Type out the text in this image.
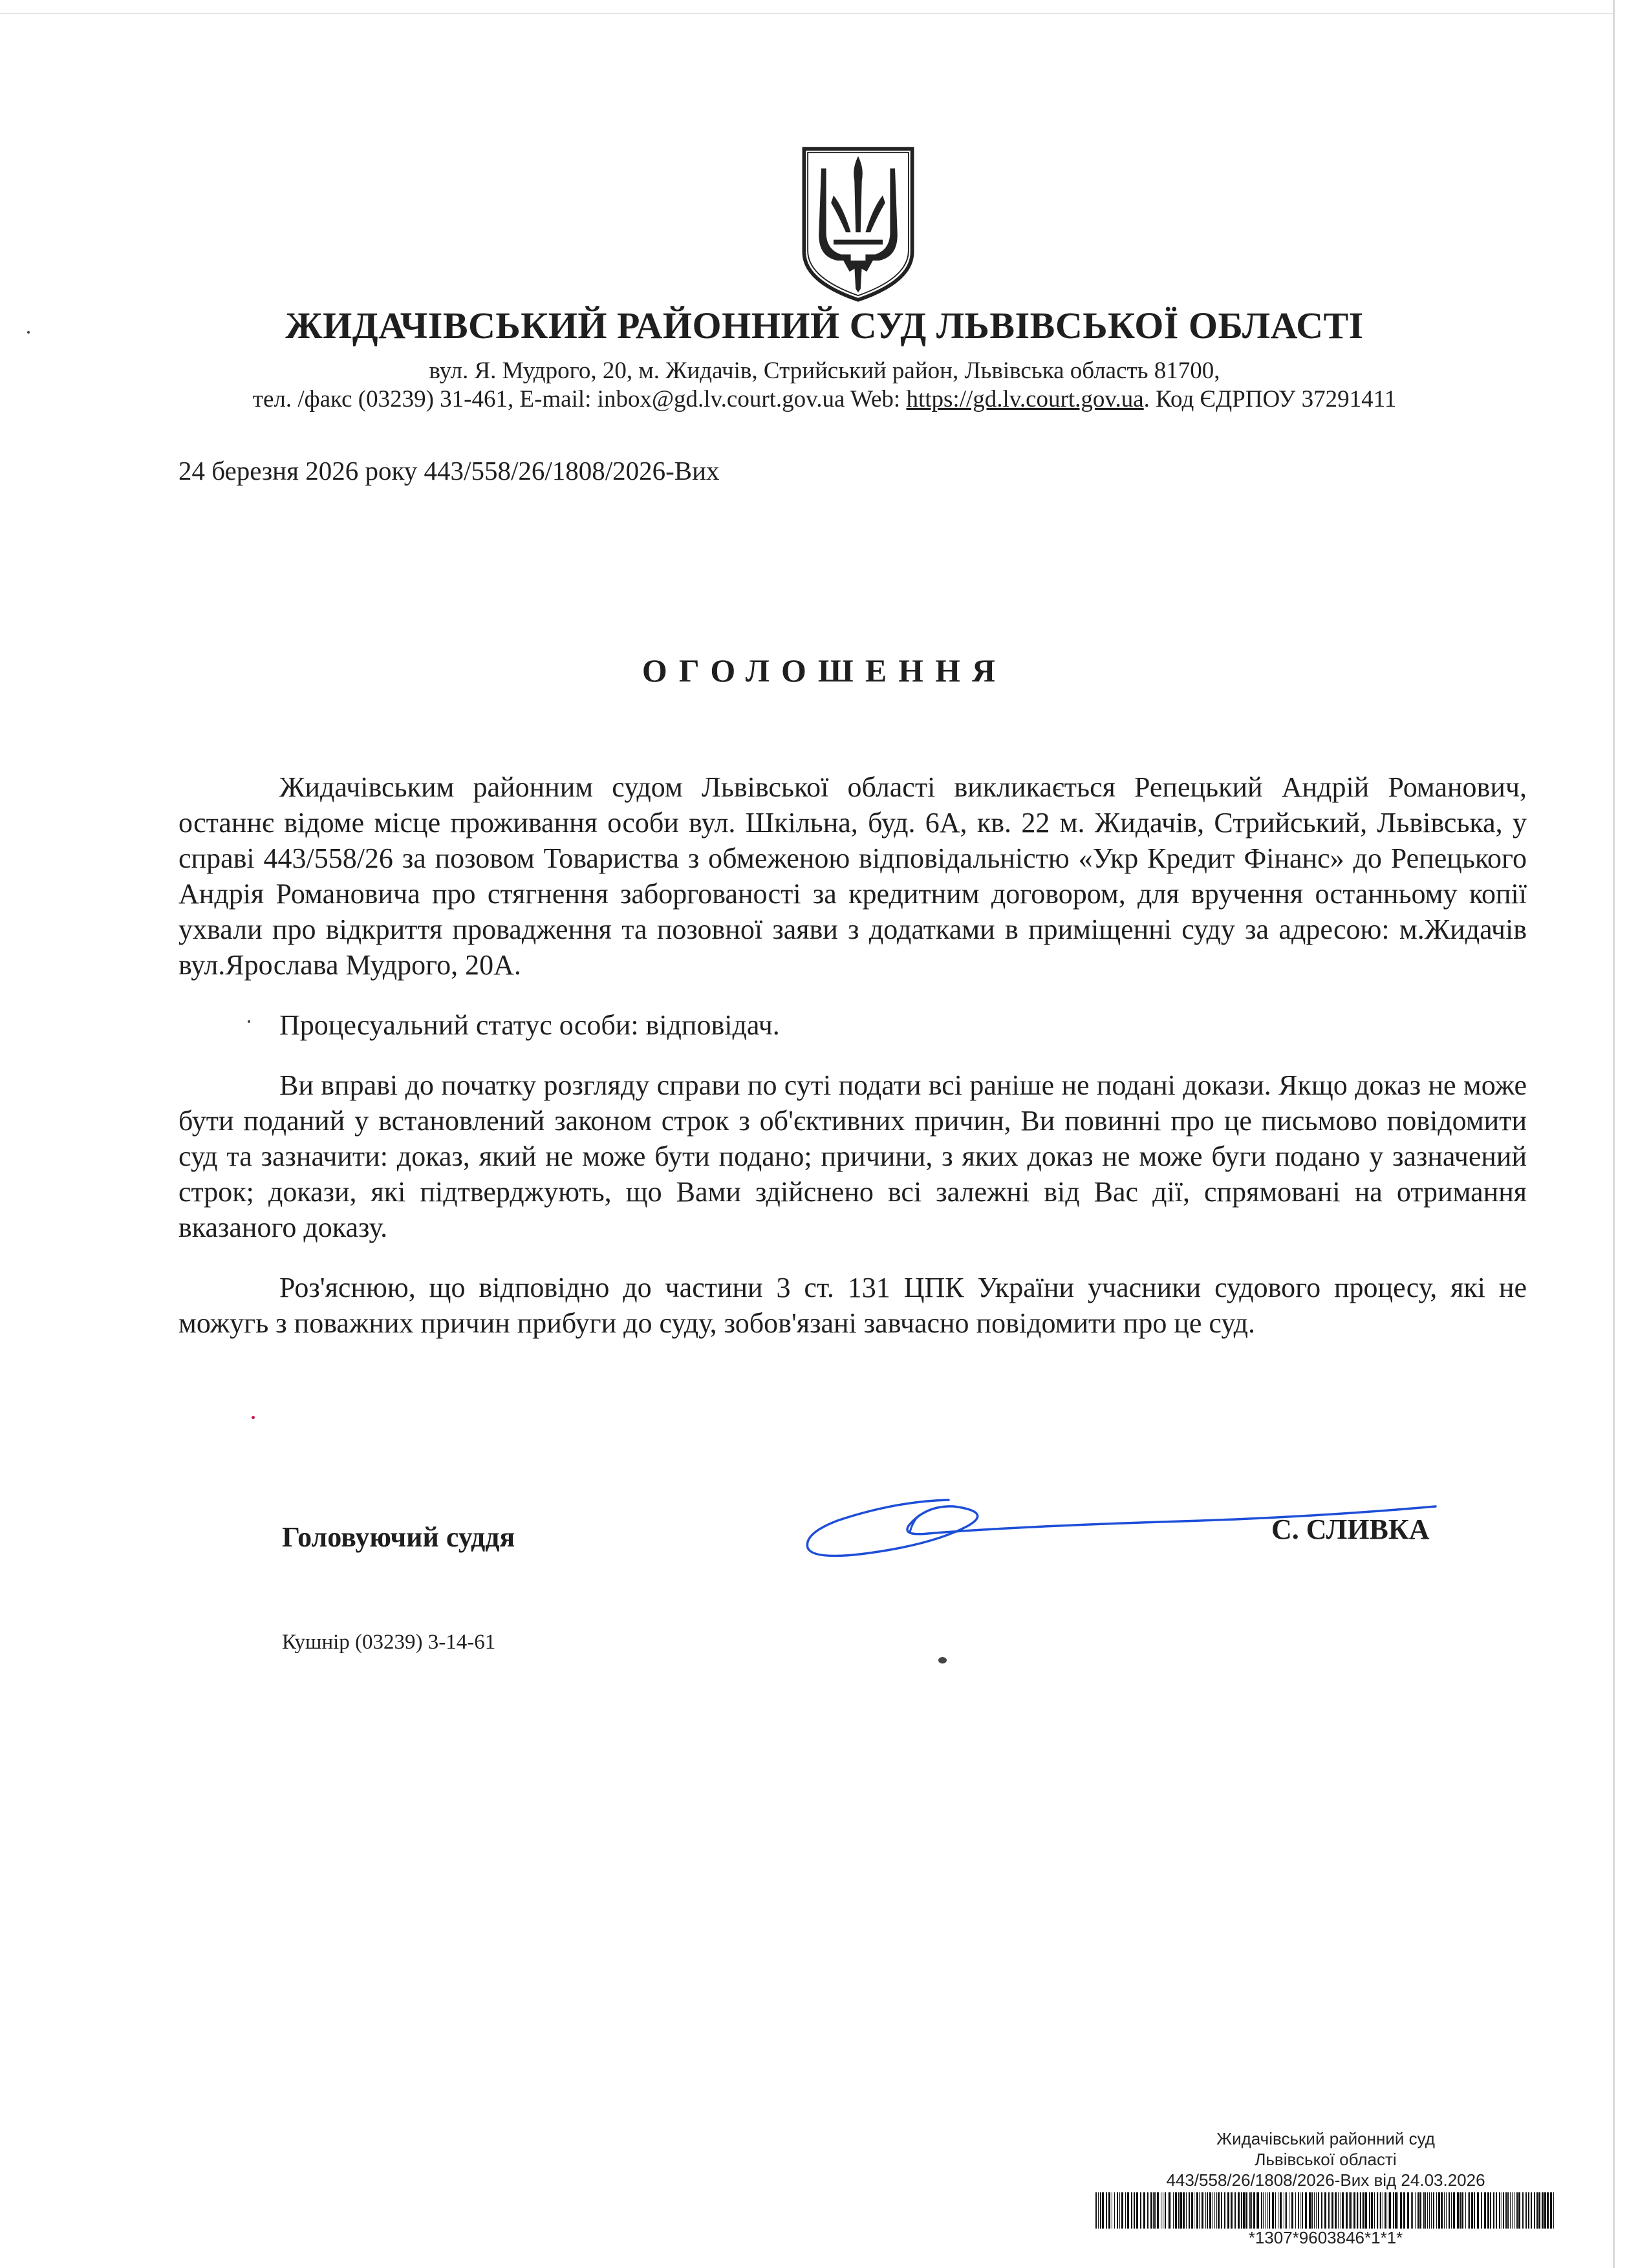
ЖИДАЧІВСЬКИЙ РАЙОННИЙ СУД ЛЬВІВСЬКОЇ ОБЛАСТІ
вул. Я. Мудрого, 20, м. Жидачів, Стрийський район, Львівська область 81700,
тел. /факс (03239) 31-461, E-mail: inbox@gd.lv.court.gov.ua Web: https://gd.lv.court.gov.ua. Код ЄДРПОУ 37291411
24 березня 2026 року 443/558/26/1808/2026-Вих
ОГОЛОШЕННЯ

Жидачівським районним судом Львівської області викликається Репецький Андрій Романович, останнє відоме місце проживання особи вул. Шкільна, буд. 6А, кв. 22 м. Жидачів, Стрийський, Львівська, у справі 443/558/26 за позовом Товариства з обмеженою відповідальністю «Укр Кредит Фінанс» до Репецького Андрія Романовича про стягнення заборгованості за кредитним договором, для вручення останньому копії ухвали про відкриття провадження та позовної заяви з додатками в приміщенні суду за адресою: м.Жидачів вул.Ярослава Мудрого, 20А.

Процесуальний статус особи: відповідач.

Ви вправі до початку розгляду справи по суті подати всі раніше не подані докази. Якщо доказ не може бути поданий у встановлений законом строк з об'єктивних причин, Ви повинні про це письмово повідомити суд та зазначити: доказ, який не може бути подано; причини, з яких доказ не може буги подано у зазначений строк; докази, які підтверджують, що Вами здійснено всі залежні від Вас дії, спрямовані на отримання вказаного доказу.

Роз'яснюю, що відповідно до частини 3 ст. 131 ЦПК України учасники судового процесу, які не можугь з поважних причин прибуги до суду, зобов'язані завчасно повідомити про це суд.

Головуючий суддя	С. СЛИВКА
Кушнір (03239) 3-14-61
Жидачівський районний суд
Львівської області
443/558/26/1808/2026-Вих від 24.03.2026
*1307*9603846*1*1*
